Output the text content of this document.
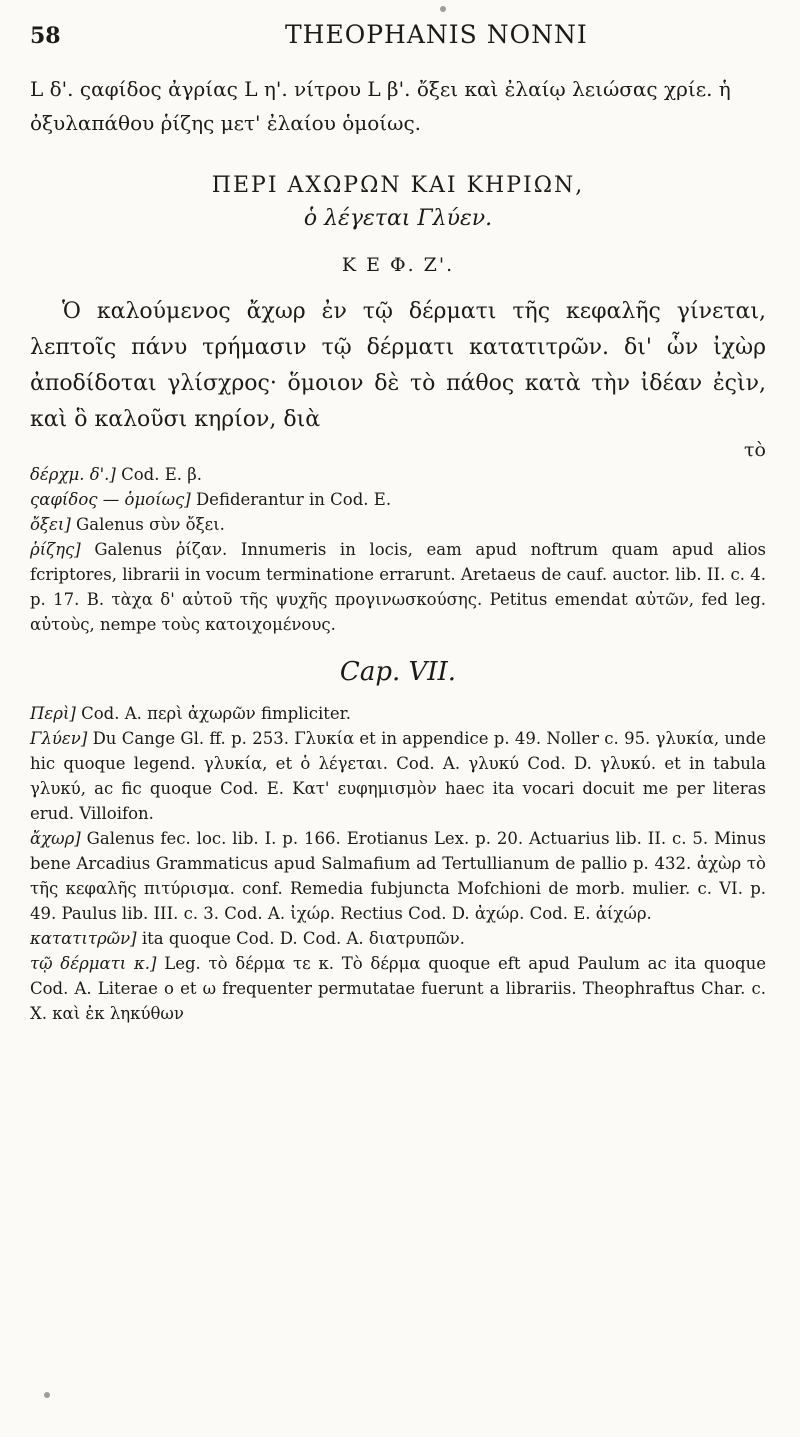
58	THEOPHANIS NONNI
L δ'. ςαφίδος ἀγρίας L η'. νίτρου L β'. ὄξει καὶ ἐλαίῳ λειώσας χρίε. ἡ ὀξυλαπάθου ῥίζης μετ' ἐλαίου ὁμοίως.
ΠΕΡΙ ΑΧΩΡΩΝ ΚΑΙ ΚΗΡΙΩΝ,
ὁ λέγεται Γλύεν.
Κ Ε Φ. Ζ'.
Ὁ καλούμενος ἄχωρ ἐν τῷ δέρματι τῆς κεφαλῆς γίνεται, λεπτοῖς πάνυ τρήμασιν τῷ δέρματι κατατιτρῶν. δι' ὧν ἰχὼρ ἀποδίδοται γλίσχρος· ὅμοιον δὲ τὸ πάθος κατὰ τὴν ἰδέαν ἐςὶν, καὶ ὃ καλοῦσι κηρίον, διὰ
τὸ

δέρχμ. δ'.] Cod. E. β.

ςαφίδος — ὁμοίως] Defiderantur in Cod. E.

ὄξει] Galenus σὺν ὄξει.

ῥίζης] Galenus ῥίζαν. Innumeris in locis, eam apud noftrum quam apud alios fcriptores, librarii in vocum terminatione errarunt. Aretaeus de cauf. auctor. lib. II. c. 4. p. 17. B. τὰχα δ' αὐτοῦ τῆς ψυχῆς προγινωσκούσης. Petitus emendat αὐτῶν, fed leg. αὐτοὺς, nempe τοὺς κατοιχομένους.

Cap. VII.

Περὶ] Cod. A. περὶ ἀχωρῶν fimpliciter.

Γλύεν] Du Cange Gl. ff. p. 253. Γλυκία et in appendice p. 49. Noller c. 95. γλυκία, unde hic quoque legend. γλυκία, et ὁ λέγεται. Cod. A. γλυκύ Cod. D. γλυκύ. et in tabula γλυκύ, ac fic quoque Cod. E. Κατ' ευφημισμὸν haec ita vocari docuit me per literas erud. Villoifon.

ἄχωρ] Galenus fec. loc. lib. I. p. 166. Erotianus Lex. p. 20. Actuarius lib. II. c. 5. Minus bene Arcadius Grammaticus apud Salmafium ad Tertullianum de pallio p. 432. ἀχὼρ τὸ τῆς κεφαλῆς πιτύρισμα. conf. Remedia fubjuncta Mofchioni de morb. mulier. c. VI. p. 49. Paulus lib. III. c. 3. Cod. A. ἰχώρ. Rectius Cod. D. ἀχώρ. Cod. E. ἀίχώρ.

κατατιτρῶν] ita quoque Cod. D. Cod. A. διατρυπῶν.

τῷ δέρματι κ.] Leg. τὸ δέρμα τε κ. Τὸ δέρμα quoque eft apud Paulum ac ita quoque Cod. A. Literae ο et ω frequenter permutatae fuerunt a librariis. Theophraftus Char. c. X. καὶ ἐκ ληκύθων
